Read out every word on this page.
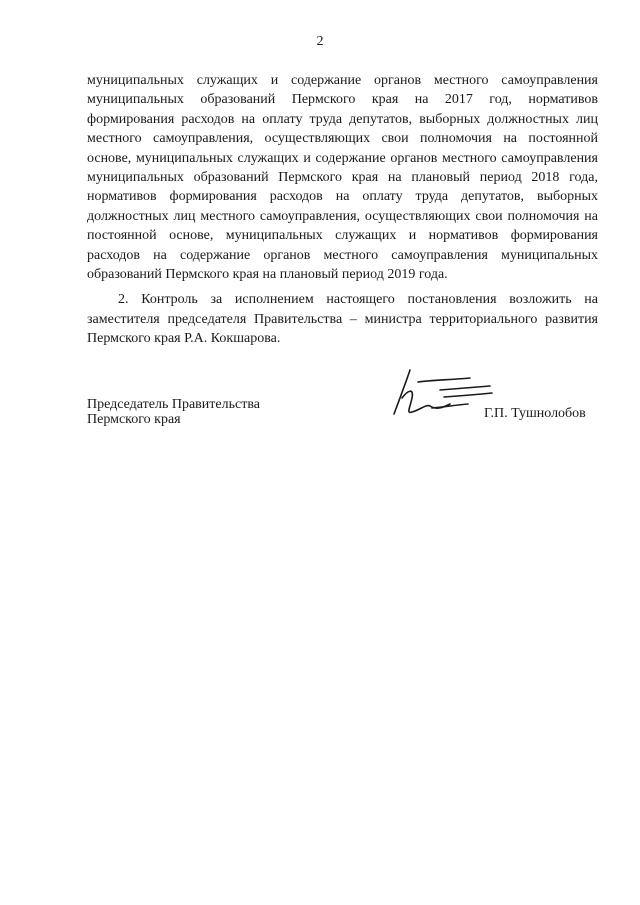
2

муниципальных служащих и содержание органов местного самоуправления муниципальных образований Пермского края на 2017 год, нормативов формирования расходов на оплату труда депутатов, выборных должностных лиц местного самоуправления, осуществляющих свои полномочия на постоянной основе, муниципальных служащих и содержание органов местного самоуправления муниципальных образований Пермского края на плановый период 2018 года, нормативов формирования расходов на оплату труда депутатов, выборных должностных лиц местного самоуправления, осуществляющих свои полномочия на постоянной основе, муниципальных служащих и нормативов формирования расходов на содержание органов местного самоуправления муниципальных образований Пермского края на плановый период 2019 года.

2. Контроль за исполнением настоящего постановления возложить на заместителя председателя Правительства – министра территориального развития Пермского края Р.А. Кокшарова.

Председатель Правительства
Пермского края	Г.П. Тушнолобов
